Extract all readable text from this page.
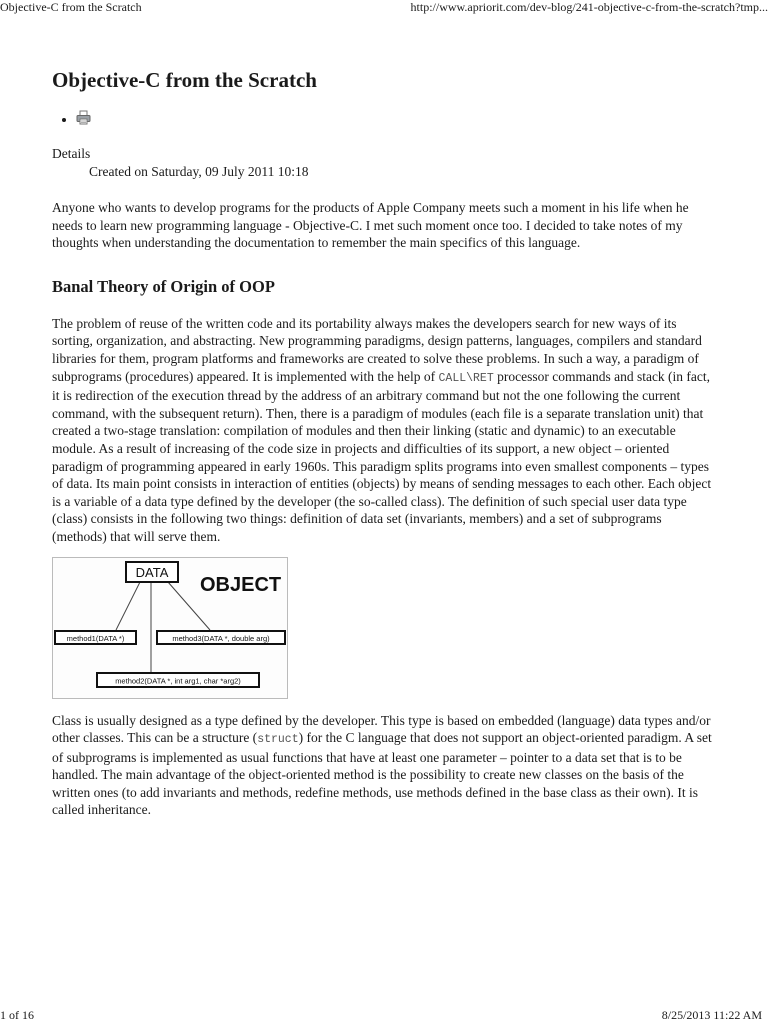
Objective-C from the Scratch	http://www.apriorit.com/dev-blog/241-objective-c-from-the-scratch?tmp...
Objective-C from the Scratch
•
Details
Created on Saturday, 09 July 2011 10:18

Anyone who wants to develop programs for the products of Apple Company meets such a moment in his life when he needs to learn new programming language - Objective-C. I met such moment once too. I decided to take notes of my thoughts when understanding the documentation to remember the main specifics of this language.

Banal Theory of Origin of OOP

The problem of reuse of the written code and its portability always makes the developers search for new ways of its sorting, organization, and abstracting. New programming paradigms, design patterns, languages, compilers and standard libraries for them, program platforms and frameworks are created to solve these problems. In such a way, a paradigm of subprograms (procedures) appeared. It is implemented with the help of CALL\RET processor commands and stack (in fact, it is redirection of the execution thread by the address of an arbitrary command but not the one following the current command, with the subsequent return). Then, there is a paradigm of modules (each file is a separate translation unit) that created a two-stage translation: compilation of modules and then their linking (static and dynamic) to an executable module. As a result of increasing of the code size in projects and difficulties of its support, a new object – oriented paradigm of programming appeared in early 1960s. This paradigm splits programs into even smallest components – types of data. Its main point consists in interaction of entities (objects) by means of sending messages to each other. Each object is a variable of a data type defined by the developer (the so-called class). The definition of such special user data type (class) consists in the following two things: definition of data set (invariants, members) and a set of subprograms (methods) that will serve them.

DATA
OBJECT
method1(DATA *)	method3(DATA *, double arg)
method2(DATA *, int arg1, char *arg2)

Class is usually designed as a type defined by the developer. This type is based on embedded (language) data types and/or other classes. This can be a structure (struct) for the C language that does not support an object-oriented paradigm. A set of subprograms is implemented as usual functions that have at least one parameter – pointer to a data set that is to be handled. The main advantage of the object-oriented method is the possibility to create new classes on the basis of the written ones (to add invariants and methods, redefine methods, use methods defined in the base class as their own). It is called inheritance.

1 of 16	8/25/2013 11:22 AM
